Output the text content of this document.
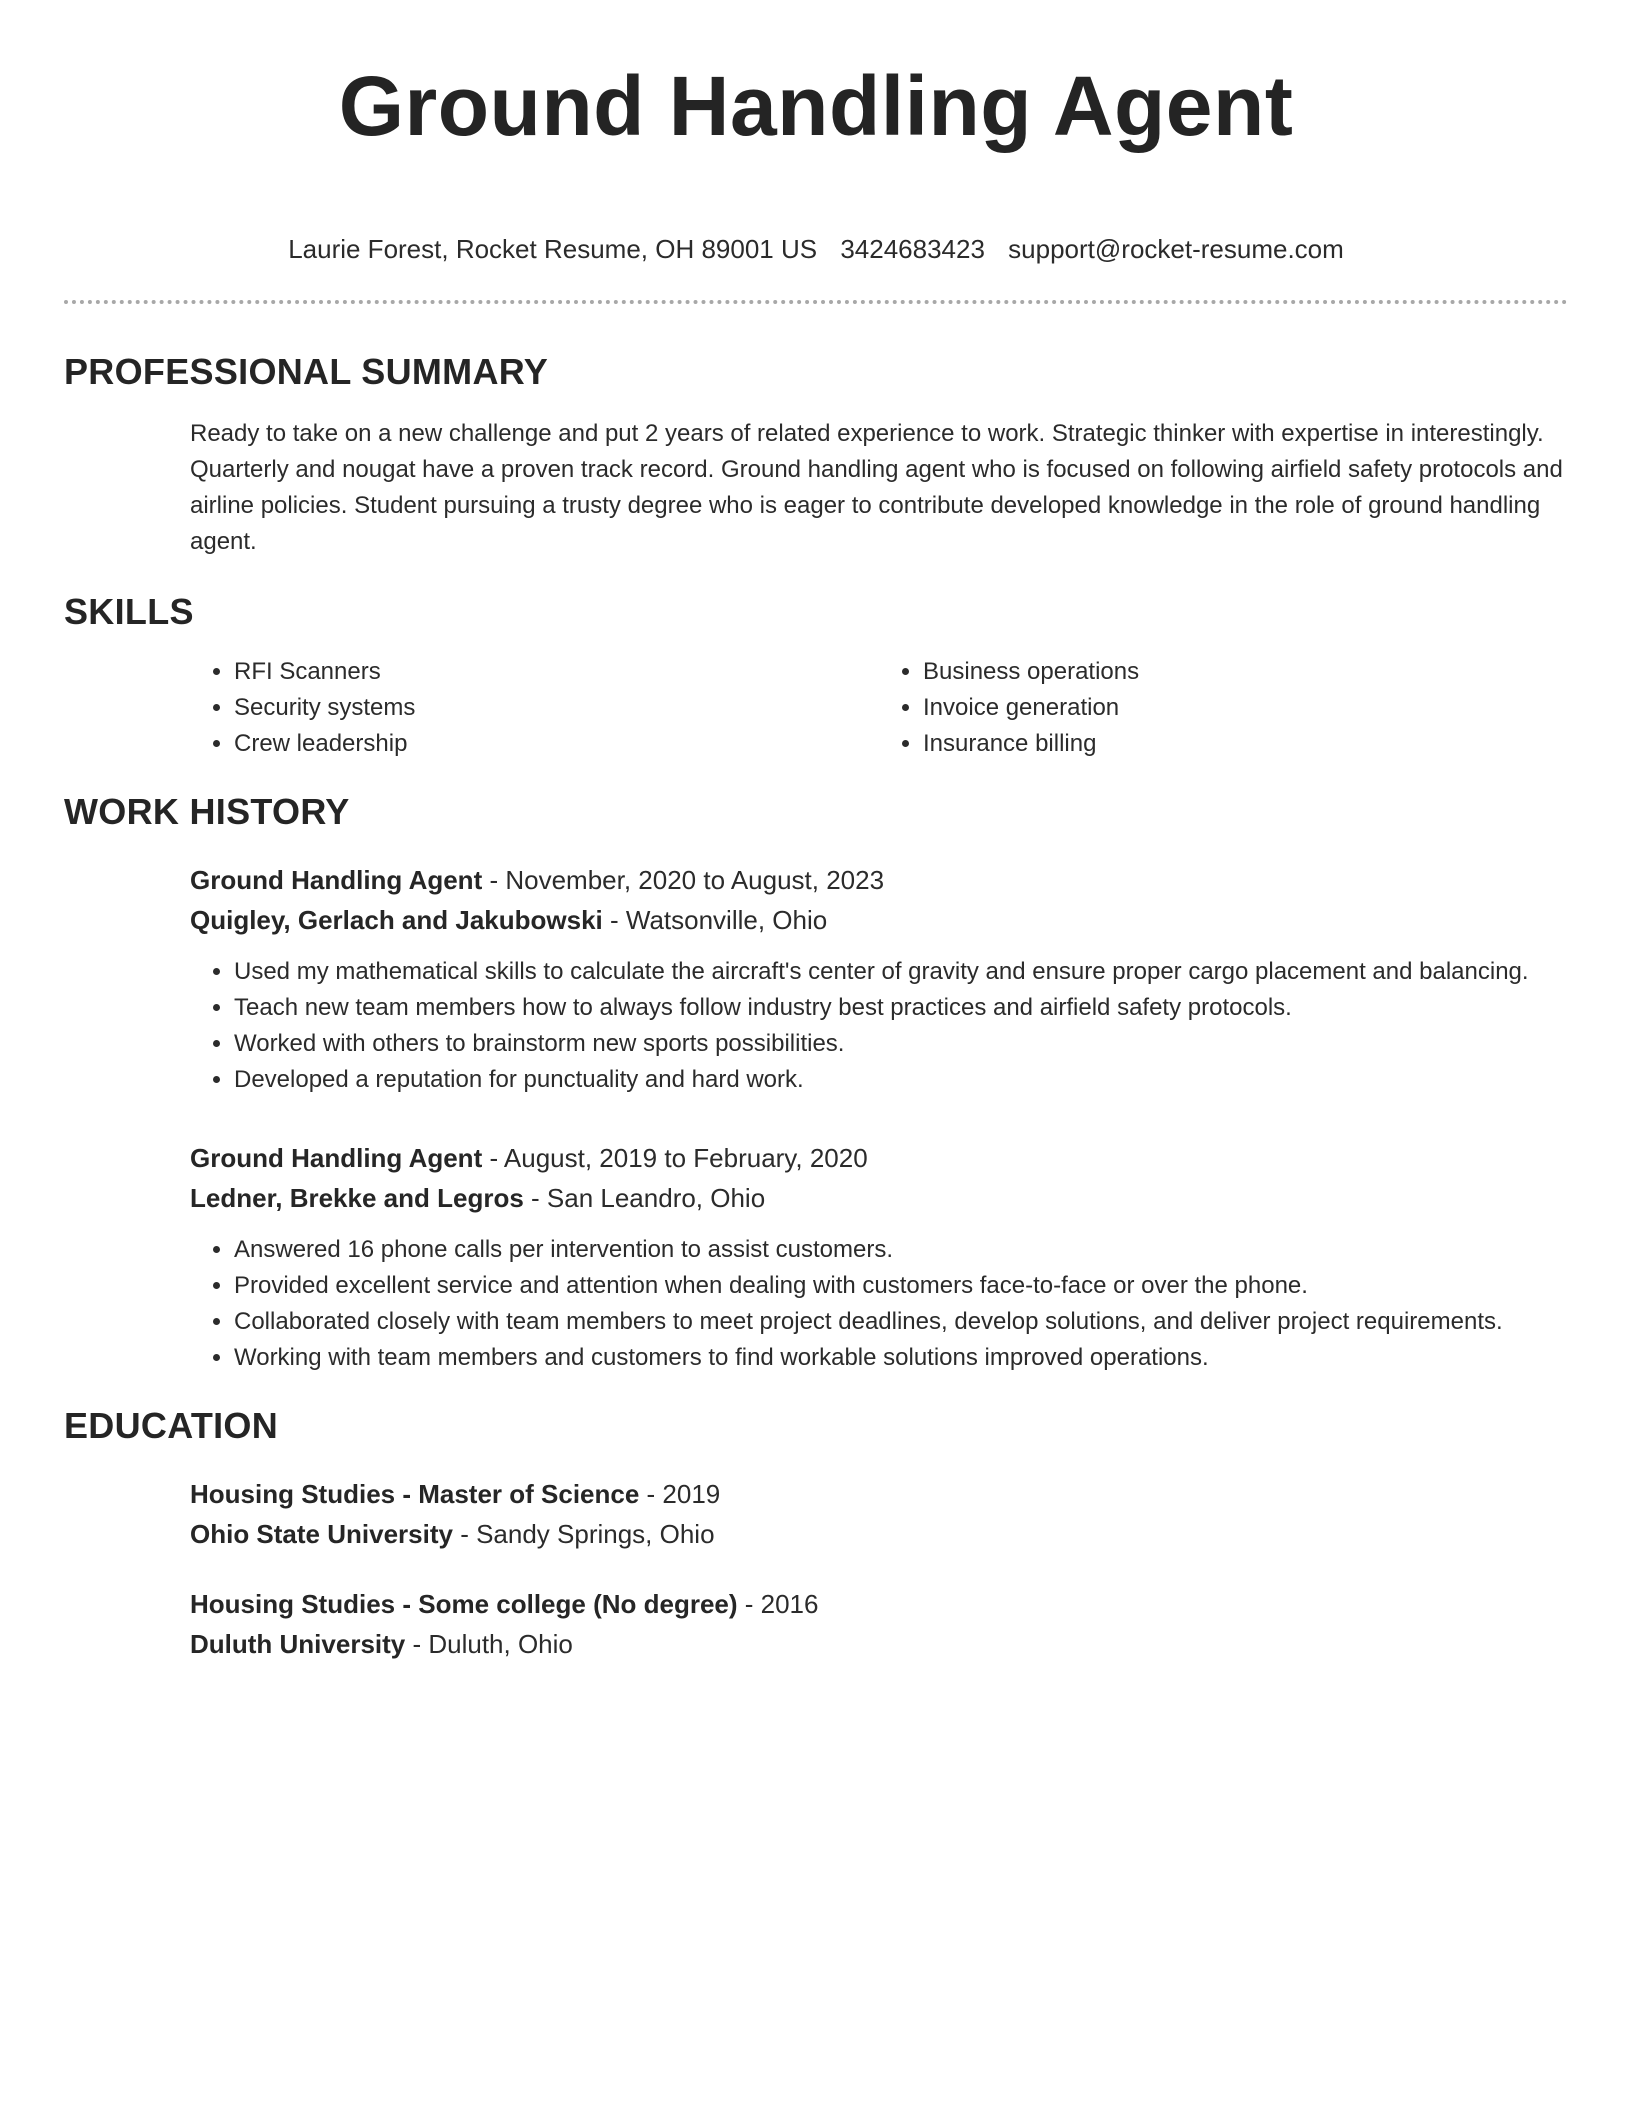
Ground Handling Agent
Laurie Forest, Rocket Resume, OH 89001 US 3424683423 support@rocket-resume.com
PROFESSIONAL SUMMARY
Ready to take on a new challenge and put 2 years of related experience to work. Strategic thinker with expertise in interestingly. Quarterly and nougat have a proven track record. Ground handling agent who is focused on following airfield safety protocols and airline policies. Student pursuing a trusty degree who is eager to contribute developed knowledge in the role of ground handling agent.
SKILLS
• RFI Scanners
• Security systems
• Crew leadership
• Business operations
• Invoice generation
• Insurance billing
WORK HISTORY
Ground Handling Agent - November, 2020 to August, 2023
Quigley, Gerlach and Jakubowski - Watsonville, Ohio
• Used my mathematical skills to calculate the aircraft's center of gravity and ensure proper cargo placement and balancing.
• Teach new team members how to always follow industry best practices and airfield safety protocols.
• Worked with others to brainstorm new sports possibilities.
• Developed a reputation for punctuality and hard work.
Ground Handling Agent - August, 2019 to February, 2020
Ledner, Brekke and Legros - San Leandro, Ohio
• Answered 16 phone calls per intervention to assist customers.
• Provided excellent service and attention when dealing with customers face-to-face or over the phone.
• Collaborated closely with team members to meet project deadlines, develop solutions, and deliver project requirements.
• Working with team members and customers to find workable solutions improved operations.
EDUCATION
Housing Studies - Master of Science - 2019
Ohio State University - Sandy Springs, Ohio
Housing Studies - Some college (No degree) - 2016
Duluth University - Duluth, Ohio
